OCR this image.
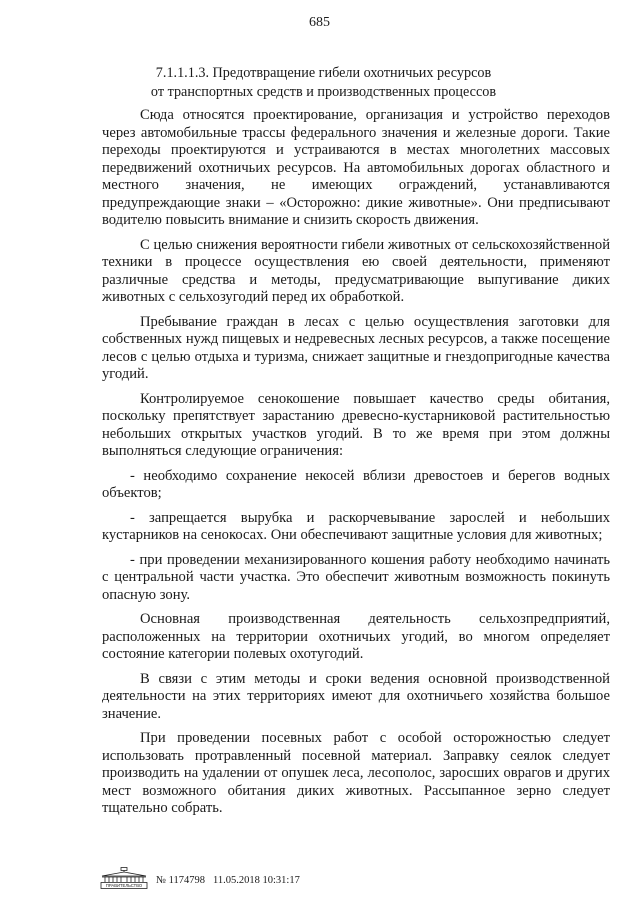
685
7.1.1.1.3. Предотвращение гибели охотничьих ресурсов
от транспортных средств и производственных процессов

Сюда относятся проектирование, организация и устройство переходов через автомобильные трассы федерального значения и железные дороги. Такие переходы проектируются и устраиваются в местах многолетних массовых передвижений охотничьих ресурсов. На автомобильных дорогах областного и местного значения, не имеющих ограждений, устанавливаются предупреждающие знаки – «Осторожно: дикие животные». Они предписывают водителю повысить внимание и снизить скорость движения.

С целью снижения вероятности гибели животных от сельскохозяйственной техники в процессе осуществления ею своей деятельности, применяют различные средства и методы, предусматривающие выпугивание диких животных с сельхозугодий перед их обработкой.

Пребывание граждан в лесах с целью осуществления заготовки для собственных нужд пищевых и недревесных лесных ресурсов, а также посещение лесов с целью отдыха и туризма, снижает защитные и гнездопригодные качества угодий.

Контролируемое сенокошение повышает качество среды обитания, поскольку препятствует зарастанию древесно-кустарниковой растительностью небольших открытых участков угодий. В то же время при этом должны выполняться следующие ограничения:

- необходимо сохранение некосей вблизи древостоев и берегов водных объектов;

- запрещается вырубка и раскорчевывание зарослей и небольших кустарников на сенокосах. Они обеспечивают защитные условия для животных;

- при проведении механизированного кошения работу необходимо начинать с центральной части участка. Это обеспечит животным возможность покинуть опасную зону.

Основная производственная деятельность сельхозпредприятий, расположенных на территории охотничьих угодий, во многом определяет состояние категории полевых охотугодий.

В связи с этим методы и сроки ведения основной производственной деятельности на этих территориях имеют для охотничьего хозяйства большое значение.

При проведении посевных работ с особой осторожностью следует использовать протравленный посевной материал. Заправку сеялок следует производить на удалении от опушек леса, лесополос, заросших оврагов и других мест возможного обитания диких животных. Рассыпанное зерно следует тщательно собрать.

ПРАВИТЕЛЬСТВО № 1174798 11.05.2018 10:31:17
